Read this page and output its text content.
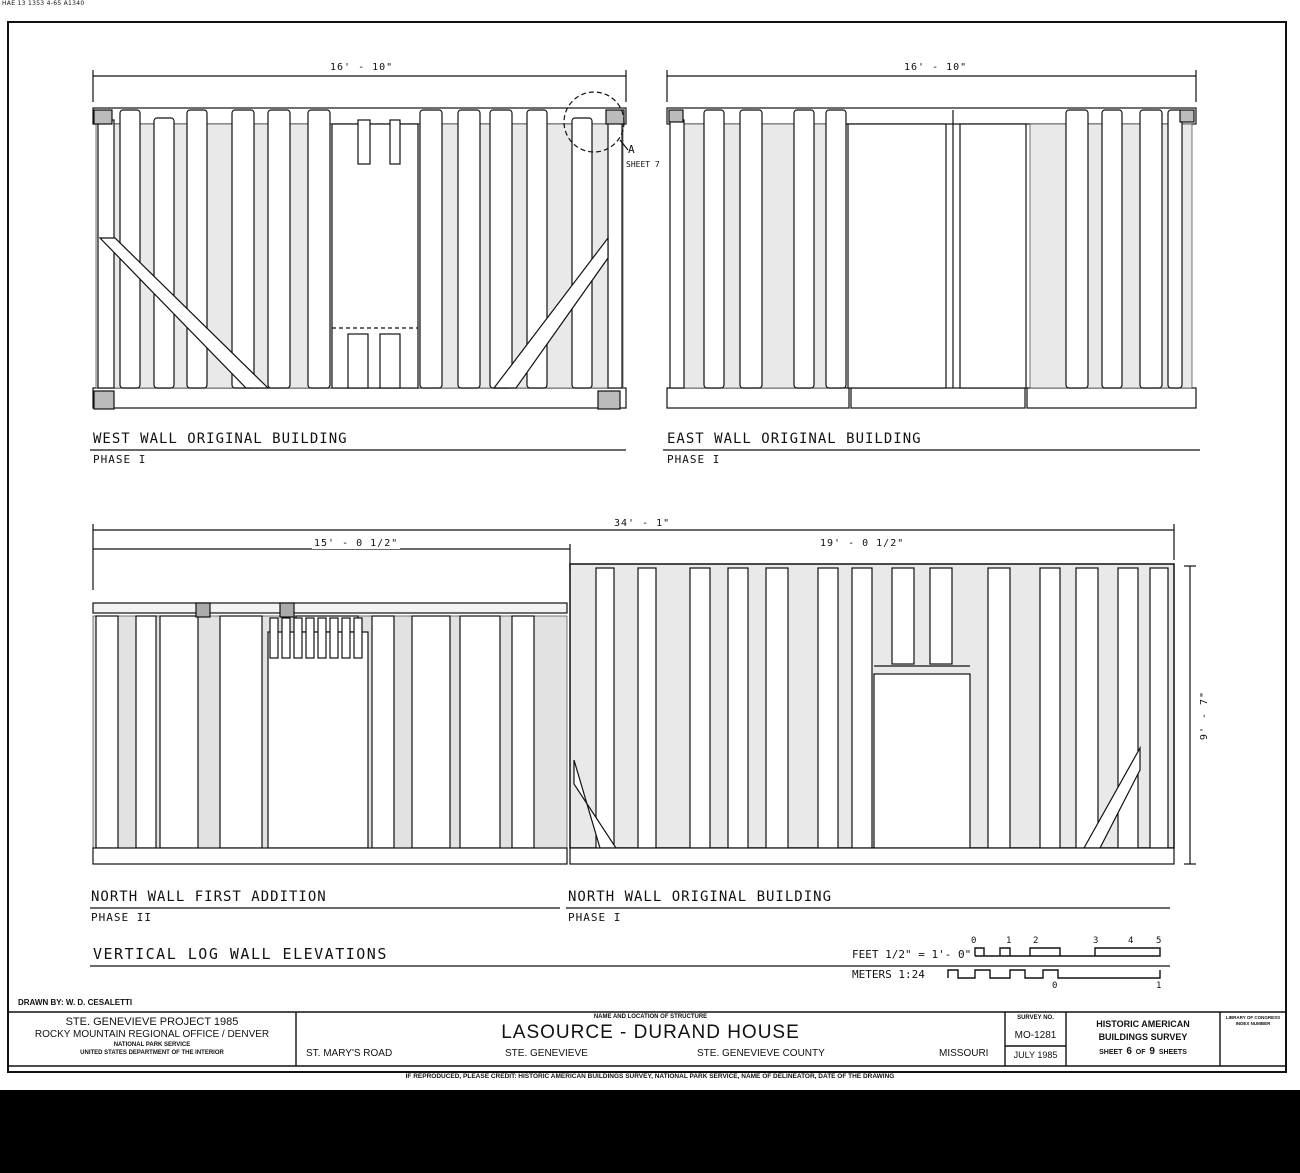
HAE 13 1353 4-65 A1340
16' - 10"
A
SHEET 7
WEST WALL ORIGINAL BUILDING
PHASE I
16' - 10"
EAST WALL ORIGINAL BUILDING
PHASE I
34' - 1"
15' - 0 1/2"	19' - 0 1/2"
9' - 7"
NORTH WALL FIRST ADDITION
PHASE II
NORTH WALL ORIGINAL BUILDING
PHASE I
VERTICAL LOG WALL ELEVATIONS	FEET 1/2" = 1'- 0"
METERS 1:24
0	1 2	3	4	5
0	1
DRAWN BY: W. D. CESALETTI
STE. GENEVIEVE PROJECT 1985
ROCKY MOUNTAIN REGIONAL OFFICE / DENVER
NATIONAL PARK SERVICE
UNITED STATES DEPARTMENT OF THE INTERIOR
NAME AND LOCATION OF STRUCTURE
LASOURCE - DURAND HOUSE
ST. MARY'S ROAD	STE. GENEVIEVE	STE. GENEVIEVE COUNTY	MISSOURI
SURVEY NO.
MO-1281
JULY 1985
HISTORIC AMERICAN
BUILDINGS SURVEY
SHEET 6 OF 9 SHEETS
LIBRARY OF CONGRESS
INDEX NUMBER
IF REPRODUCED, PLEASE CREDIT: HISTORIC AMERICAN BUILDINGS SURVEY, NATIONAL PARK SERVICE, NAME OF DELINEATOR, DATE OF THE DRAWING
